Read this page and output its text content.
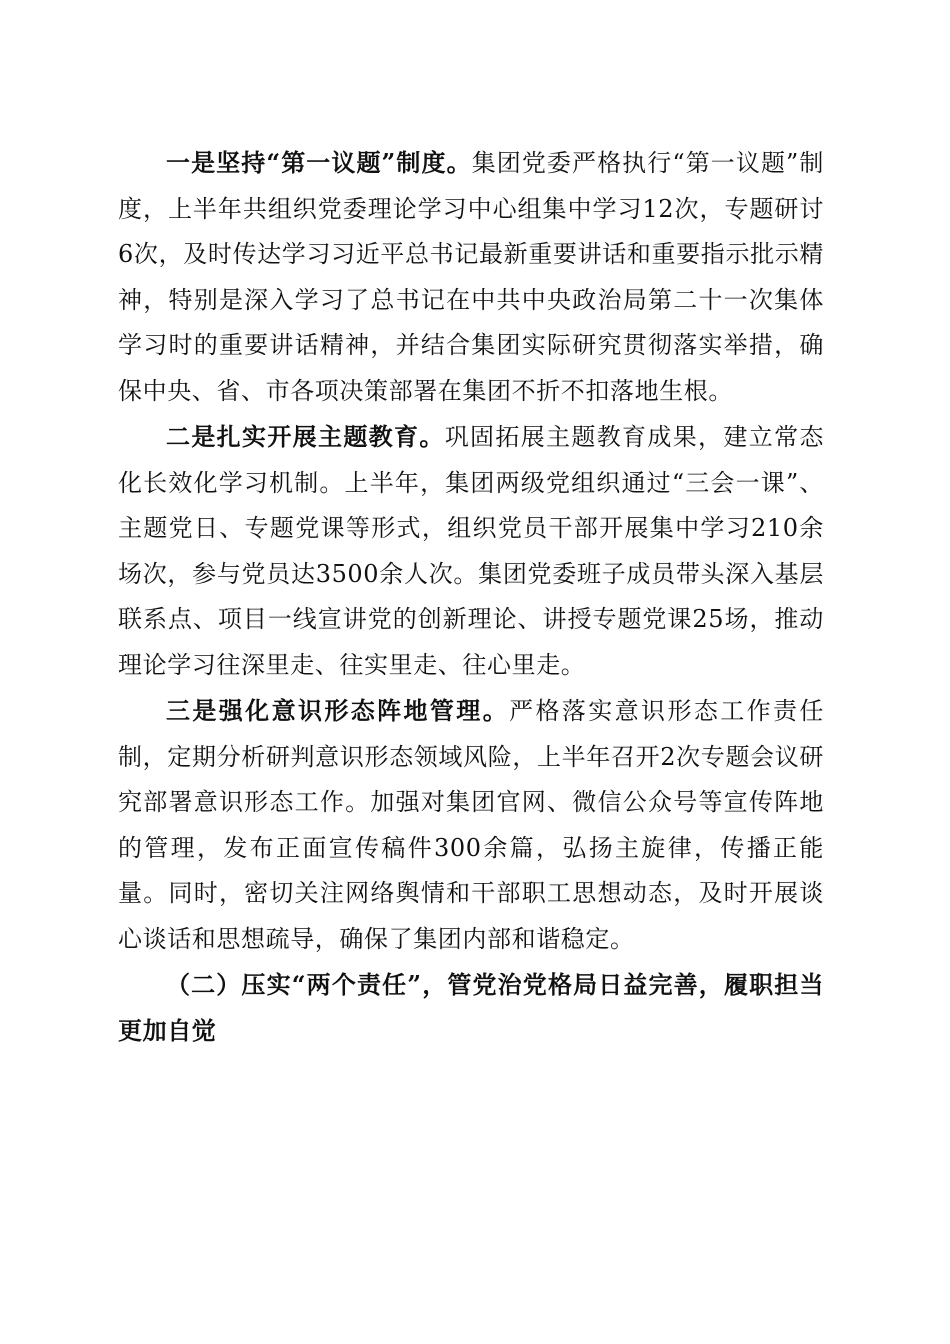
一是坚持“第一议题”制度。集团党委严格执行“第一议题”制度，上半年共组织党委理论学习中心组集中学习12次，专题研讨6次，及时传达学习习近平总书记最新重要讲话和重要指示批示精神，特别是深入学习了总书记在中共中央政治局第二十一次集体学习时的重要讲话精神，并结合集团实际研究贯彻落实举措，确保中央、省、市各项决策部署在集团不折不扣落地生根。

二是扎实开展主题教育。巩固拓展主题教育成果，建立常态化长效化学习机制。上半年，集团两级党组织通过“三会一课”、主题党日、专题党课等形式，组织党员干部开展集中学习210余场次，参与党员达3500余人次。集团党委班子成员带头深入基层联系点、项目一线宣讲党的创新理论、讲授专题党课25场，推动理论学习往深里走、往实里走、往心里走。

三是强化意识形态阵地管理。严格落实意识形态工作责任制，定期分析研判意识形态领域风险，上半年召开2次专题会议研究部署意识形态工作。加强对集团官网、微信公众号等宣传阵地的管理，发布正面宣传稿件300余篇，弘扬主旋律，传播正能量。同时，密切关注网络舆情和干部职工思想动态，及时开展谈心谈话和思想疏导，确保了集团内部和谐稳定。

（二）压实“两个责任”，管党治党格局日益完善，履职担当更加自觉
